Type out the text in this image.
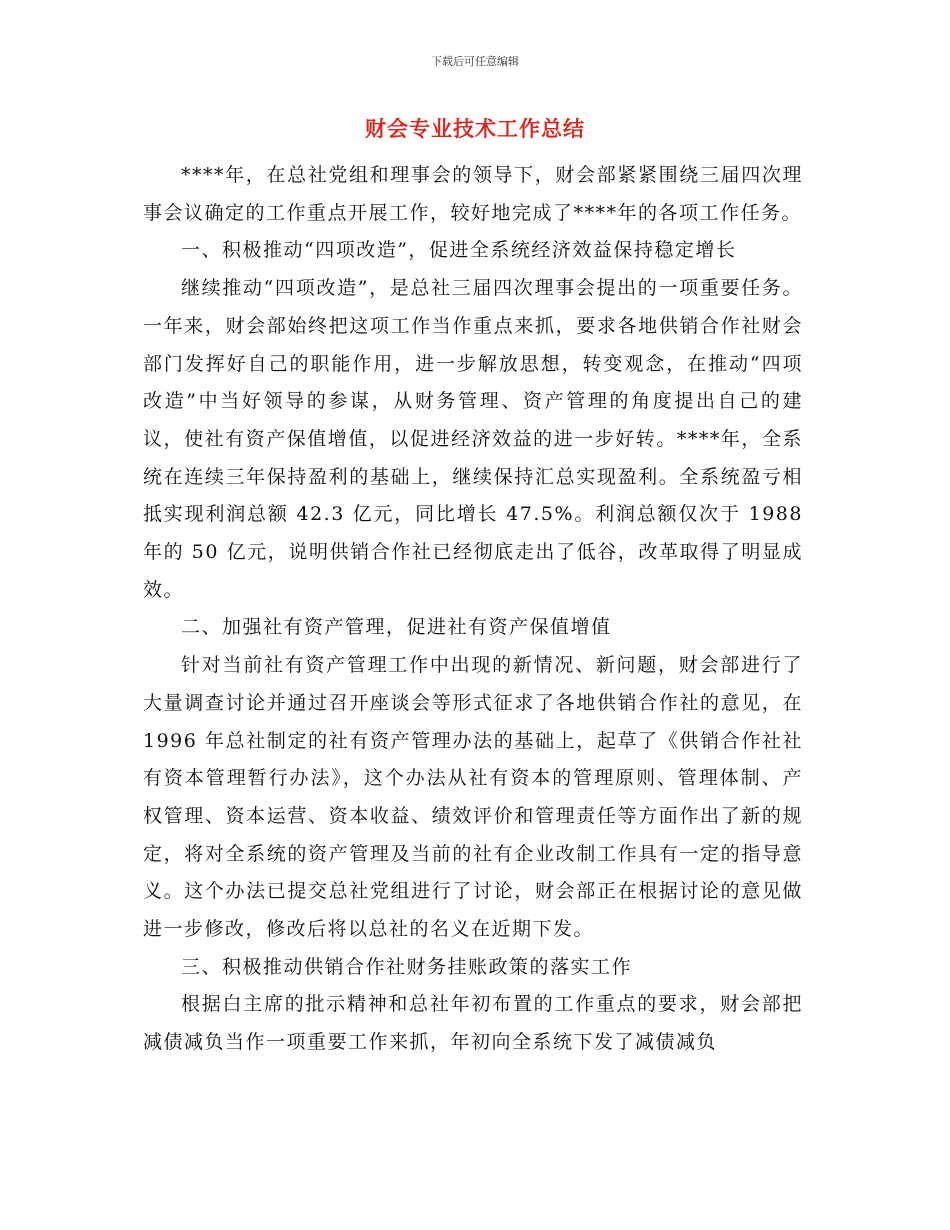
下载后可任意编辑
财会专业技术工作总结

****年，在总社党组和理事会的领导下，财会部紧紧围绕三届四次理事会议确定的工作重点开展工作，较好地完成了****年的各项工作任务。

一、积极推动“四项改造”，促进全系统经济效益保持稳定增长

继续推动“四项改造”，是总社三届四次理事会提出的一项重要任务。一年来，财会部始终把这项工作当作重点来抓，要求各地供销合作社财会部门发挥好自己的职能作用，进一步解放思想，转变观念，在推动“四项改造”中当好领导的参谋，从财务管理、资产管理的角度提出自己的建议，使社有资产保值增值，以促进经济效益的进一步好转。****年，全系统在连续三年保持盈利的基础上，继续保持汇总实现盈利。全系统盈亏相抵实现利润总额 42.3 亿元，同比增长 47.5%。利润总额仅次于 1988 年的 50 亿元，说明供销合作社已经彻底走出了低谷，改革取得了明显成效。

二、加强社有资产管理，促进社有资产保值增值

针对当前社有资产管理工作中出现的新情况、新问题，财会部进行了大量调查讨论并通过召开座谈会等形式征求了各地供销合作社的意见，在 1996 年总社制定的社有资产管理办法的基础上，起草了《供销合作社社有资本管理暂行办法》，这个办法从社有资本的管理原则、管理体制、产权管理、资本运营、资本收益、绩效评价和管理责任等方面作出了新的规定，将对全系统的资产管理及当前的社有企业改制工作具有一定的指导意义。这个办法已提交总社党组进行了讨论，财会部正在根据讨论的意见做进一步修改，修改后将以总社的名义在近期下发。

三、积极推动供销合作社财务挂账政策的落实工作

根据白主席的批示精神和总社年初布置的工作重点的要求，财会部把减债减负当作一项重要工作来抓，年初向全系统下发了减债减负
